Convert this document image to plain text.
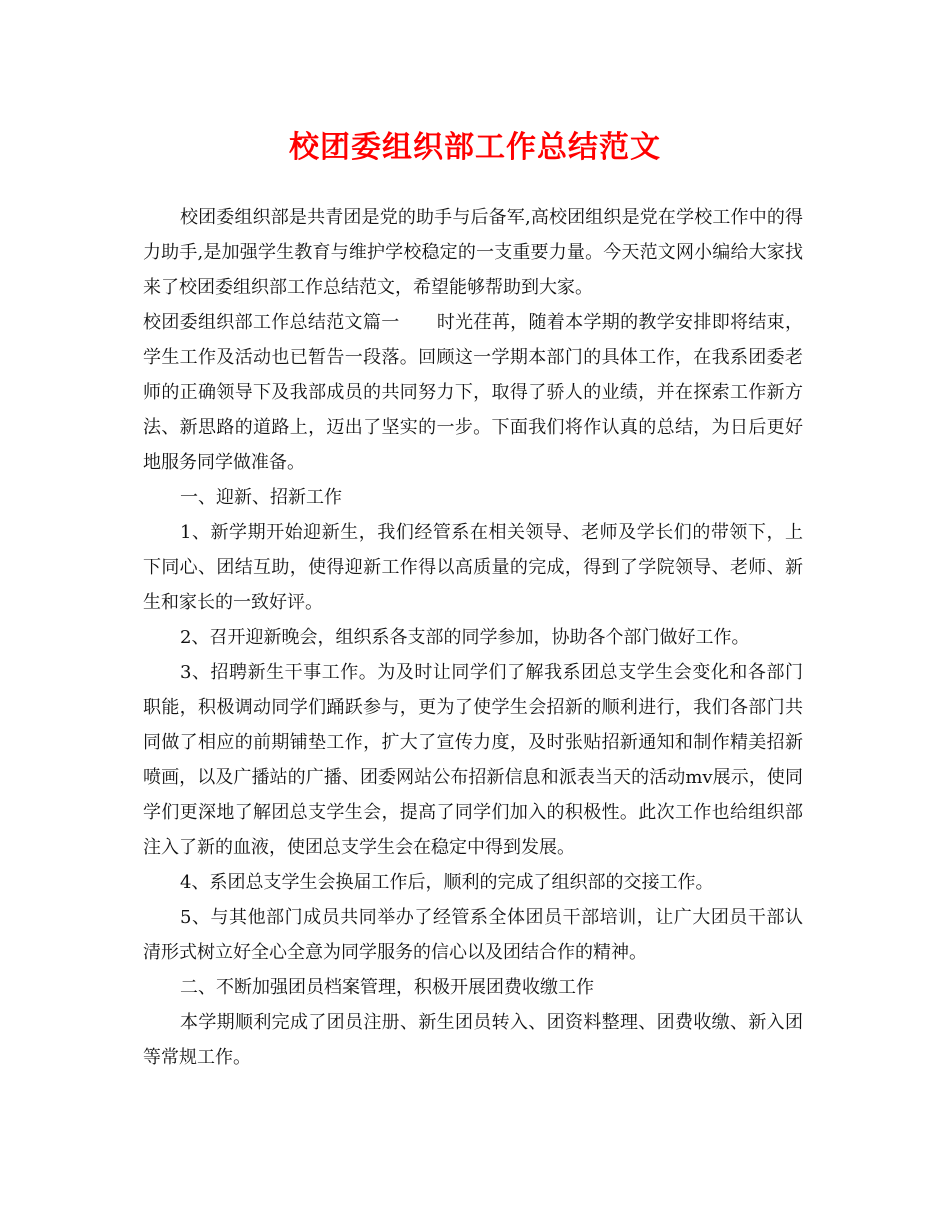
校团委组织部工作总结范文

校团委组织部是共青团是党的助手与后备军,高校团组织是党在学校工作中的得力助手,是加强学生教育与维护学校稳定的一支重要力量。今天范文网小编给大家找来了校团委组织部工作总结范文，希望能够帮助到大家。

校团委组织部工作总结范文篇一 时光荏苒，随着本学期的教学安排即将结束，学生工作及活动也已暂告一段落。回顾这一学期本部门的具体工作，在我系团委老师的正确领导下及我部成员的共同努力下，取得了骄人的业绩，并在探索工作新方法、新思路的道路上，迈出了坚实的一步。下面我们将作认真的总结，为日后更好地服务同学做准备。

一、迎新、招新工作

1、新学期开始迎新生，我们经管系在相关领导、老师及学长们的带领下，上下同心、团结互助，使得迎新工作得以高质量的完成，得到了学院领导、老师、新生和家长的一致好评。

2、召开迎新晚会，组织系各支部的同学参加，协助各个部门做好工作。

3、招聘新生干事工作。为及时让同学们了解我系团总支学生会变化和各部门职能，积极调动同学们踊跃参与，更为了使学生会招新的顺利进行，我们各部门共同做了相应的前期铺垫工作，扩大了宣传力度，及时张贴招新通知和制作精美招新喷画，以及广播站的广播、团委网站公布招新信息和派表当天的活动mv展示，使同学们更深地了解团总支学生会，提高了同学们加入的积极性。此次工作也给组织部注入了新的血液，使团总支学生会在稳定中得到发展。

4、系团总支学生会换届工作后，顺利的完成了组织部的交接工作。

5、与其他部门成员共同举办了经管系全体团员干部培训，让广大团员干部认清形式树立好全心全意为同学服务的信心以及团结合作的精神。

二、不断加强团员档案管理，积极开展团费收缴工作

本学期顺利完成了团员注册、新生团员转入、团资料整理、团费收缴、新入团等常规工作。
